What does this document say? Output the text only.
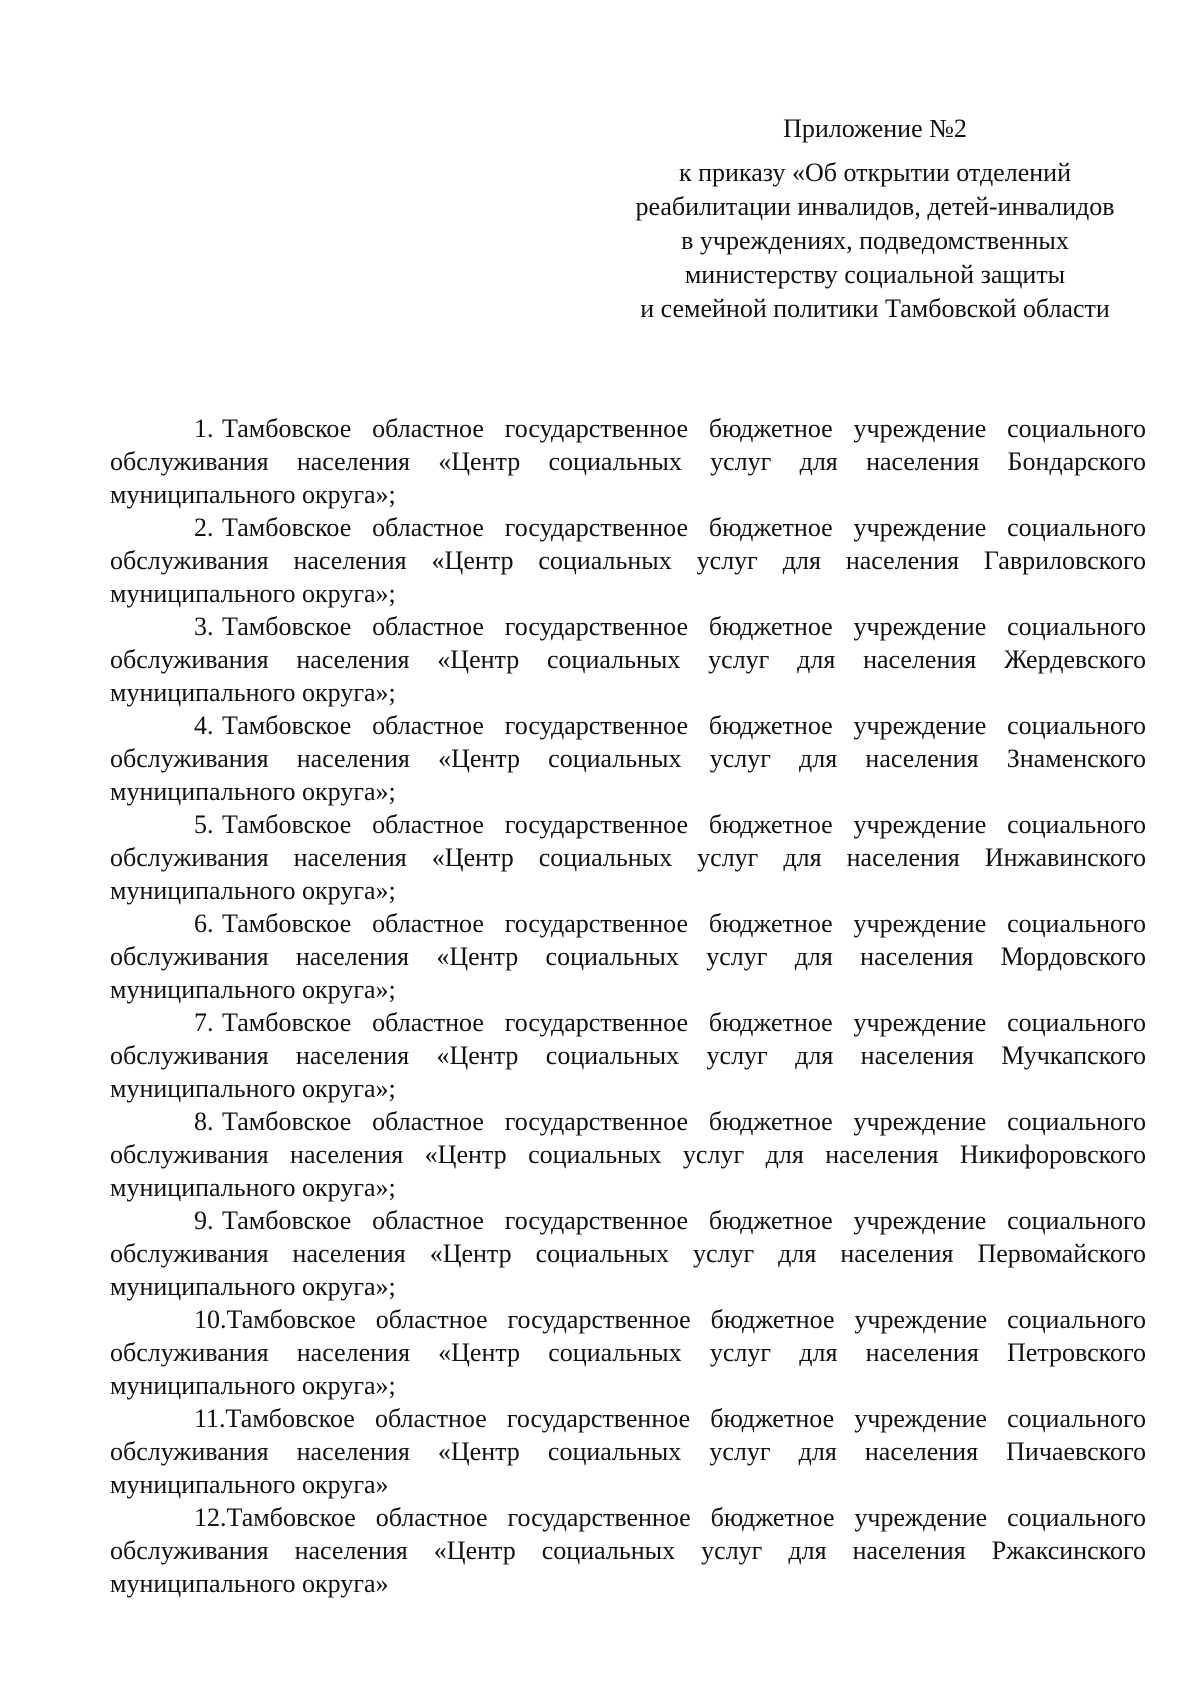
Приложение №2

к приказу «Об открытии отделений
реабилитации инвалидов, детей-инвалидов
в учреждениях, подведомственных
министерству социальной защиты
и семейной политики Тамбовской области

1. Тамбовское областное государственное бюджетное учреждение социального обслуживания населения «Центр социальных услуг для населения Бондарского муниципального округа»;

2. Тамбовское областное государственное бюджетное учреждение социального обслуживания населения «Центр социальных услуг для населения Гавриловского муниципального округа»;

3. Тамбовское областное государственное бюджетное учреждение социального обслуживания населения «Центр социальных услуг для населения Жердевского муниципального округа»;

4. Тамбовское областное государственное бюджетное учреждение социального обслуживания населения «Центр социальных услуг для населения Знаменского муниципального округа»;

5. Тамбовское областное государственное бюджетное учреждение социального обслуживания населения «Центр социальных услуг для населения Инжавинского муниципального округа»;

6. Тамбовское областное государственное бюджетное учреждение социального обслуживания населения «Центр социальных услуг для населения Мордовского муниципального округа»;

7. Тамбовское областное государственное бюджетное учреждение социального обслуживания населения «Центр социальных услуг для населения Мучкапского муниципального округа»;

8. Тамбовское областное государственное бюджетное учреждение социального обслуживания населения «Центр социальных услуг для населения Никифоровского муниципального округа»;

9. Тамбовское областное государственное бюджетное учреждение социального обслуживания населения «Центр социальных услуг для населения Первомайского муниципального округа»;

10.Тамбовское областное государственное бюджетное учреждение социального обслуживания населения «Центр социальных услуг для населения Петровского муниципального округа»;

11.Тамбовское областное государственное бюджетное учреждение социального обслуживания населения «Центр социальных услуг для населения Пичаевского муниципального округа»

12.Тамбовское областное государственное бюджетное учреждение социального обслуживания населения «Центр социальных услуг для населения Ржаксинского муниципального округа»
